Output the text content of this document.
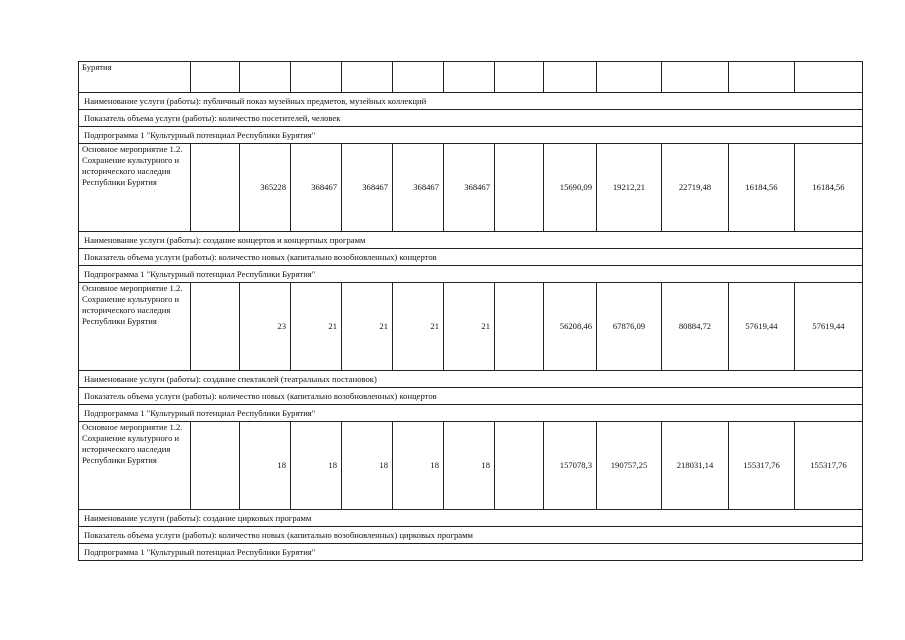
Бурятия												
Наименование услуги (работы): публичный показ музейных предметов, музейных коллекций												
Показатель объема услуги (работы): количество посетителей, человек												
Подпрограмма 1 "Культурный потенциал Республики Бурятия"												
Основное мероприятие 1.2. Сохранение культурного и исторического наследия Республики Бурятия		365228	368467	368467	368467	368467		15690,09	19212,21	22719,48	16184,56	16184,56
Наименование услуги (работы): создание концертов и концертных программ												
Показатель объема услуги (работы): количество новых (капитально возобновленных) концертов												
Подпрограмма 1 "Культурный потенциал Республики Бурятия"												
Основное мероприятие 1.2. Сохранение культурного и исторического наследия Республики Бурятия		23	21	21	21	21		56208,46	67876,09	80884,72	57619,44	57619,44
Наименование услуги (работы): создание спектаклей (театральных постановок)												
Показатель объема услуги (работы): количество новых (капитально возобновленных) концертов												
Подпрограмма 1 "Культурный потенциал Республики Бурятия"												
Основное мероприятие 1.2. Сохранение культурного и исторического наследия Республики Бурятия		18	18	18	18	18		157078,3	190757,25	218031,14	155317,76	155317,76
Наименование услуги (работы): создание цирковых программ												
Показатель объема услуги (работы): количество новых (капитально возобновленных) цирковых программ												
Подпрограмма 1 "Культурный потенциал Республики Бурятия"												
